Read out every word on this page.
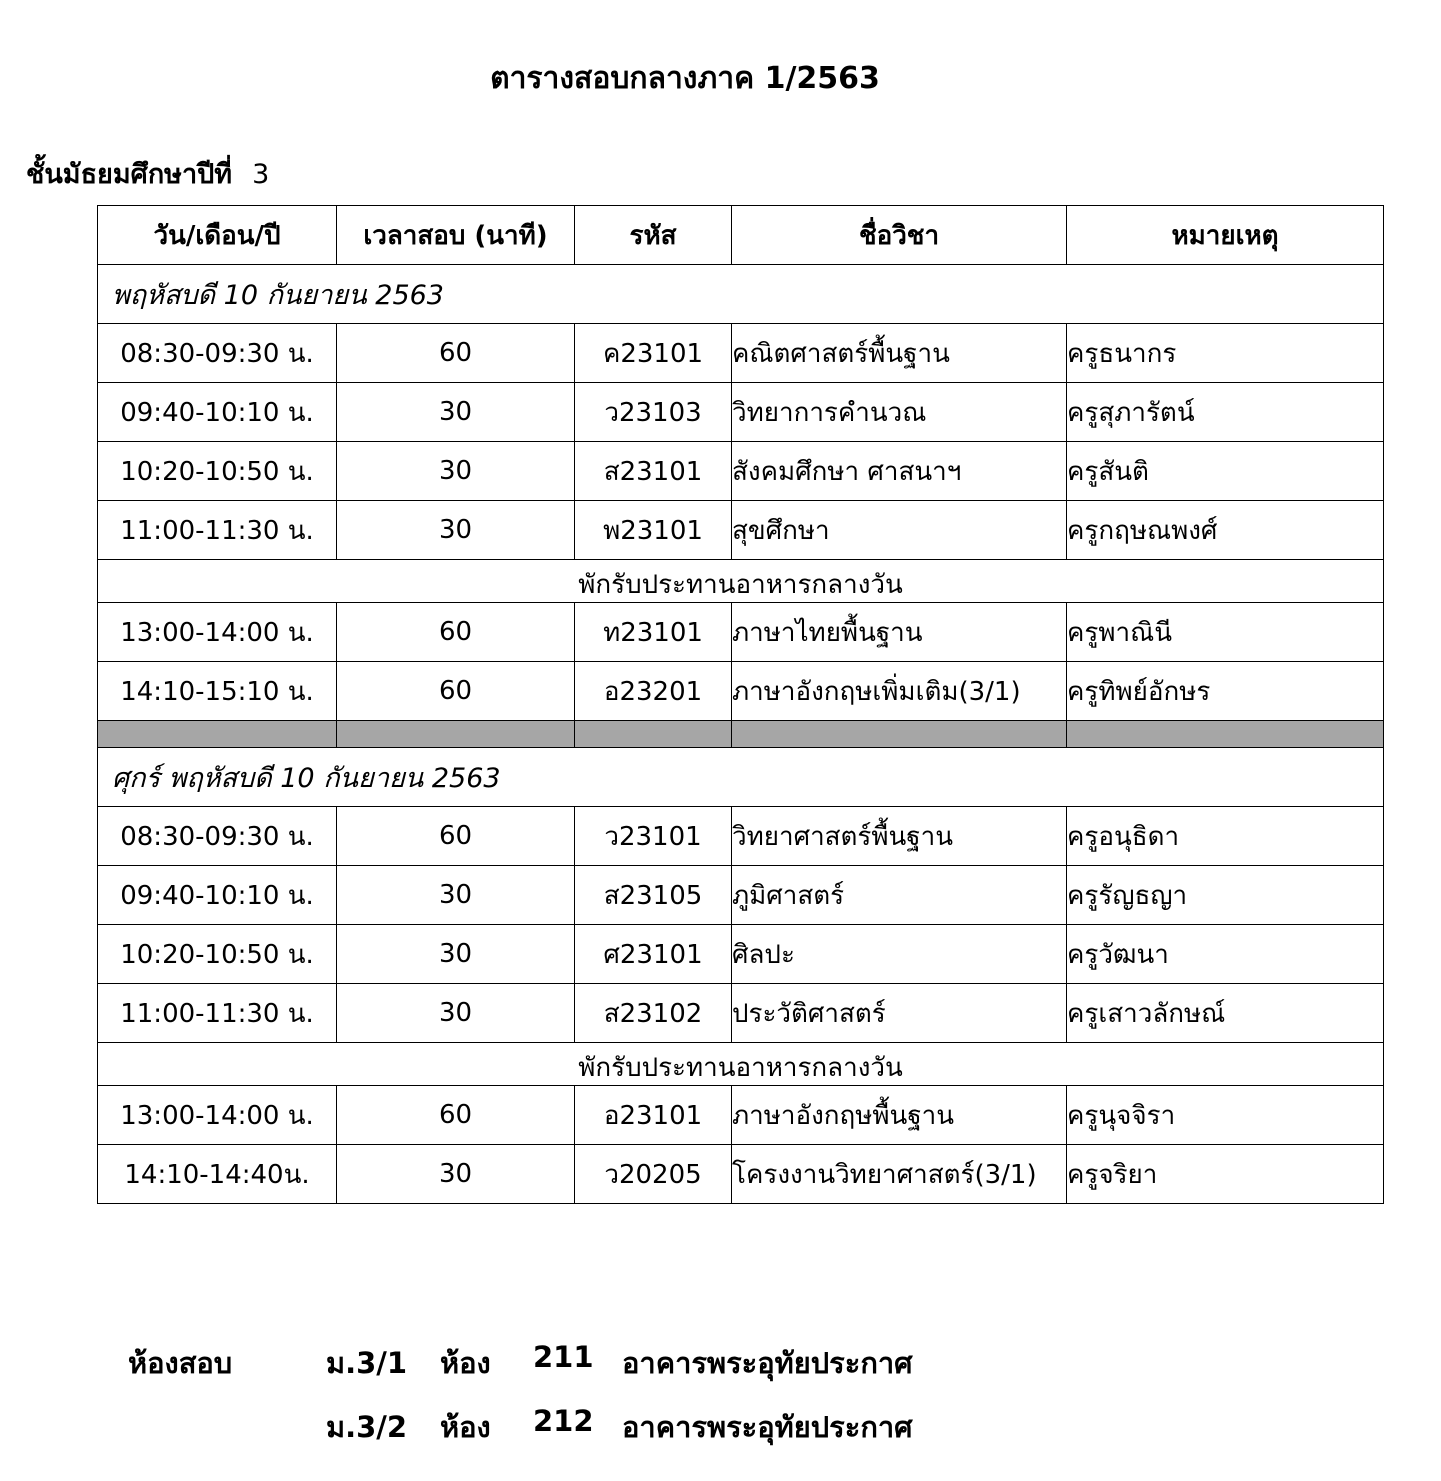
ตารางสอบกลางภาค 1/2563
ชั้นมัธยมศึกษาปีที่ 3
วัน/เดือน/ปี	เวลาสอบ (นาที)	รหัส	ชื่อวิชา	หมายเหตุ
พฤหัสบดี 10 กันยายน 2563				
08:30-09:30 น.	60	ค23101	คณิตศาสตร์พื้นฐาน	ครูธนากร
09:40-10:10 น.	30	ว23103	วิทยาการคำนวณ	ครูสุภารัตน์
10:20-10:50 น.	30	ส23101	สังคมศึกษา ศาสนาฯ	ครูสันติ
11:00-11:30 น.	30	พ23101	สุขศึกษา	ครูกฤษณพงศ์
พักรับประทานอาหารกลางวัน				
13:00-14:00 น.	60	ท23101	ภาษาไทยพื้นฐาน	ครูพาณินี
14:10-15:10 น.	60	อ23201	ภาษาอังกฤษเพิ่มเติม(3/1)	ครูทิพย์อักษร

ศุกร์ พฤหัสบดี 10 กันยายน 2563				
08:30-09:30 น.	60	ว23101	วิทยาศาสตร์พื้นฐาน	ครูอนุธิดา
09:40-10:10 น.	30	ส23105	ภูมิศาสตร์	ครูรัญธญา
10:20-10:50 น.	30	ศ23101	ศิลปะ	ครูวัฒนา
11:00-11:30 น.	30	ส23102	ประวัติศาสตร์	ครูเสาวลักษณ์
พักรับประทานอาหารกลางวัน				
13:00-14:00 น.	60	อ23101	ภาษาอังกฤษพื้นฐาน	ครูนุจจิรา
14:10-14:40น.	30	ว20205	โครงงานวิทยาศาสตร์(3/1)	ครูจริยา
ห้องสอบ	ม.3/1 ห้อง 211 อาคารพระอุทัยประกาศ
ม.3/2 ห้อง 212 อาคารพระอุทัยประกาศ
